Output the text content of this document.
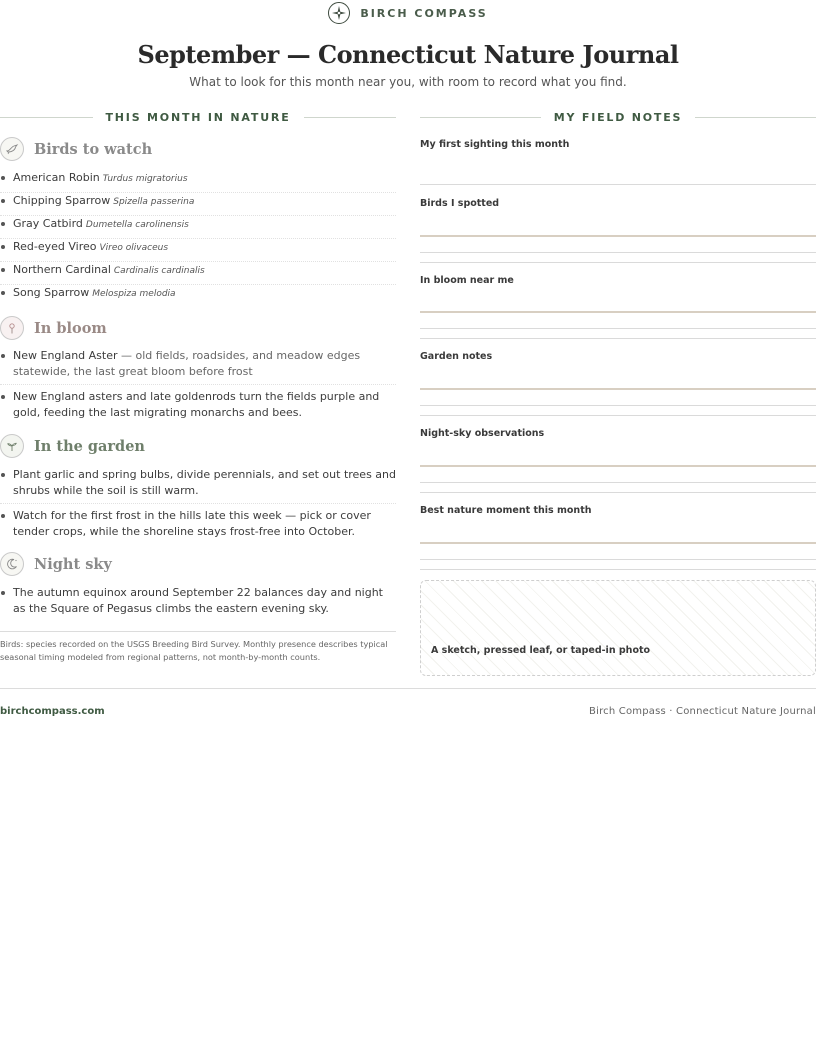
BIRCH COMPASS
September — Connecticut Nature Journal

What to look for this month near you, with room to record what you find.

THIS MONTH IN NATURE	MY FIELD NOTES
Birds to watch
American Robin Turdus migratorius
Chipping Sparrow Spizella passerina
Gray Catbird Dumetella carolinensis
Red-eyed Vireo Vireo olivaceus
Northern Cardinal Cardinalis cardinalis
Song Sparrow Melospiza melodia
In bloom
New England Aster — old fields, roadsides, and meadow edges statewide, the last great bloom before frost
New England asters and late goldenrods turn the fields purple and gold, feeding the last migrating monarchs and bees.
In the garden
Plant garlic and spring bulbs, divide perennials, and set out trees and shrubs while the soil is still warm.
Watch for the first frost in the hills late this week — pick or cover tender crops, while the shoreline stays frost-free into October.
Night sky
The autumn equinox around September 22 balances day and night as the Square of Pegasus climbs the eastern evening sky.

Birds: species recorded on the USGS Breeding Bird Survey. Monthly presence describes typical seasonal timing modeled from regional patterns, not month-by-month counts.

My first sighting this month
Birds I spotted
In bloom near me
Garden notes
Night-sky observations
Best nature moment this month
A sketch, pressed leaf, or taped-in photo
birchcompass.com	Birch Compass · Connecticut Nature Journal
